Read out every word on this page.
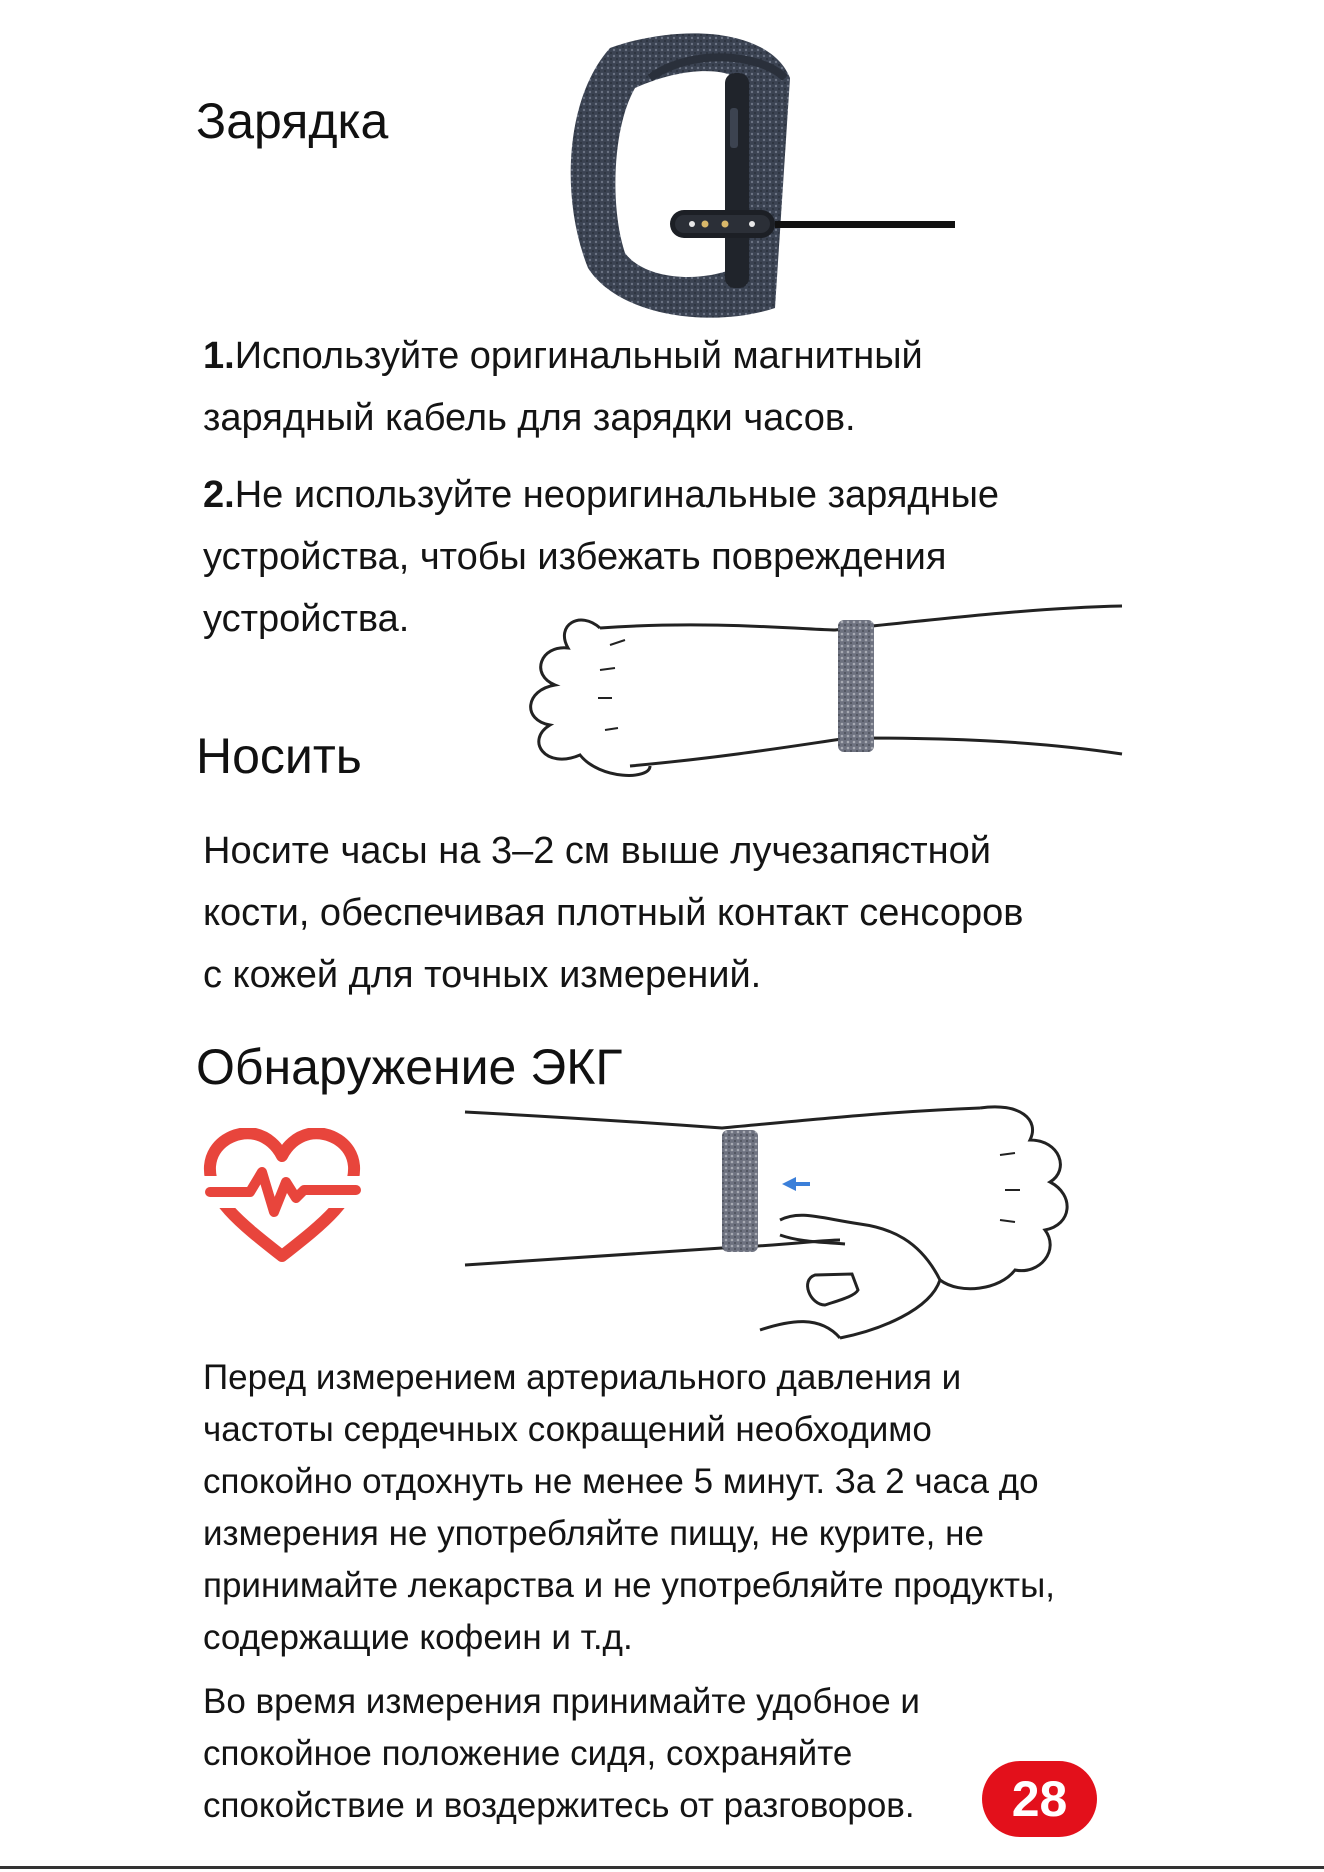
Зарядка

1.Используйте оригинальный магнитный
зарядный кабель для зарядки часов.

2.Не используйте неоригинальные зарядные
устройства, чтобы избежать повреждения
устройства.

Носить

Носите часы на 3–2 см выше лучезапястной
кости, обеспечивая плотный контакт сенсоров
с кожей для точных измерений.

Обнаружение ЭКГ

Перед измерением артериального давления и
частоты сердечных сокращений необходимо
спокойно отдохнуть не менее 5 минут. За 2 часа до
измерения не употребляйте пищу, не курите, не
принимайте лекарства и не употребляйте продукты,
содержащие кофеин и т.д.

Во время измерения принимайте удобное и
спокойное положение сидя, сохраняйте
спокойствие и воздержитесь от разговоров.	28
